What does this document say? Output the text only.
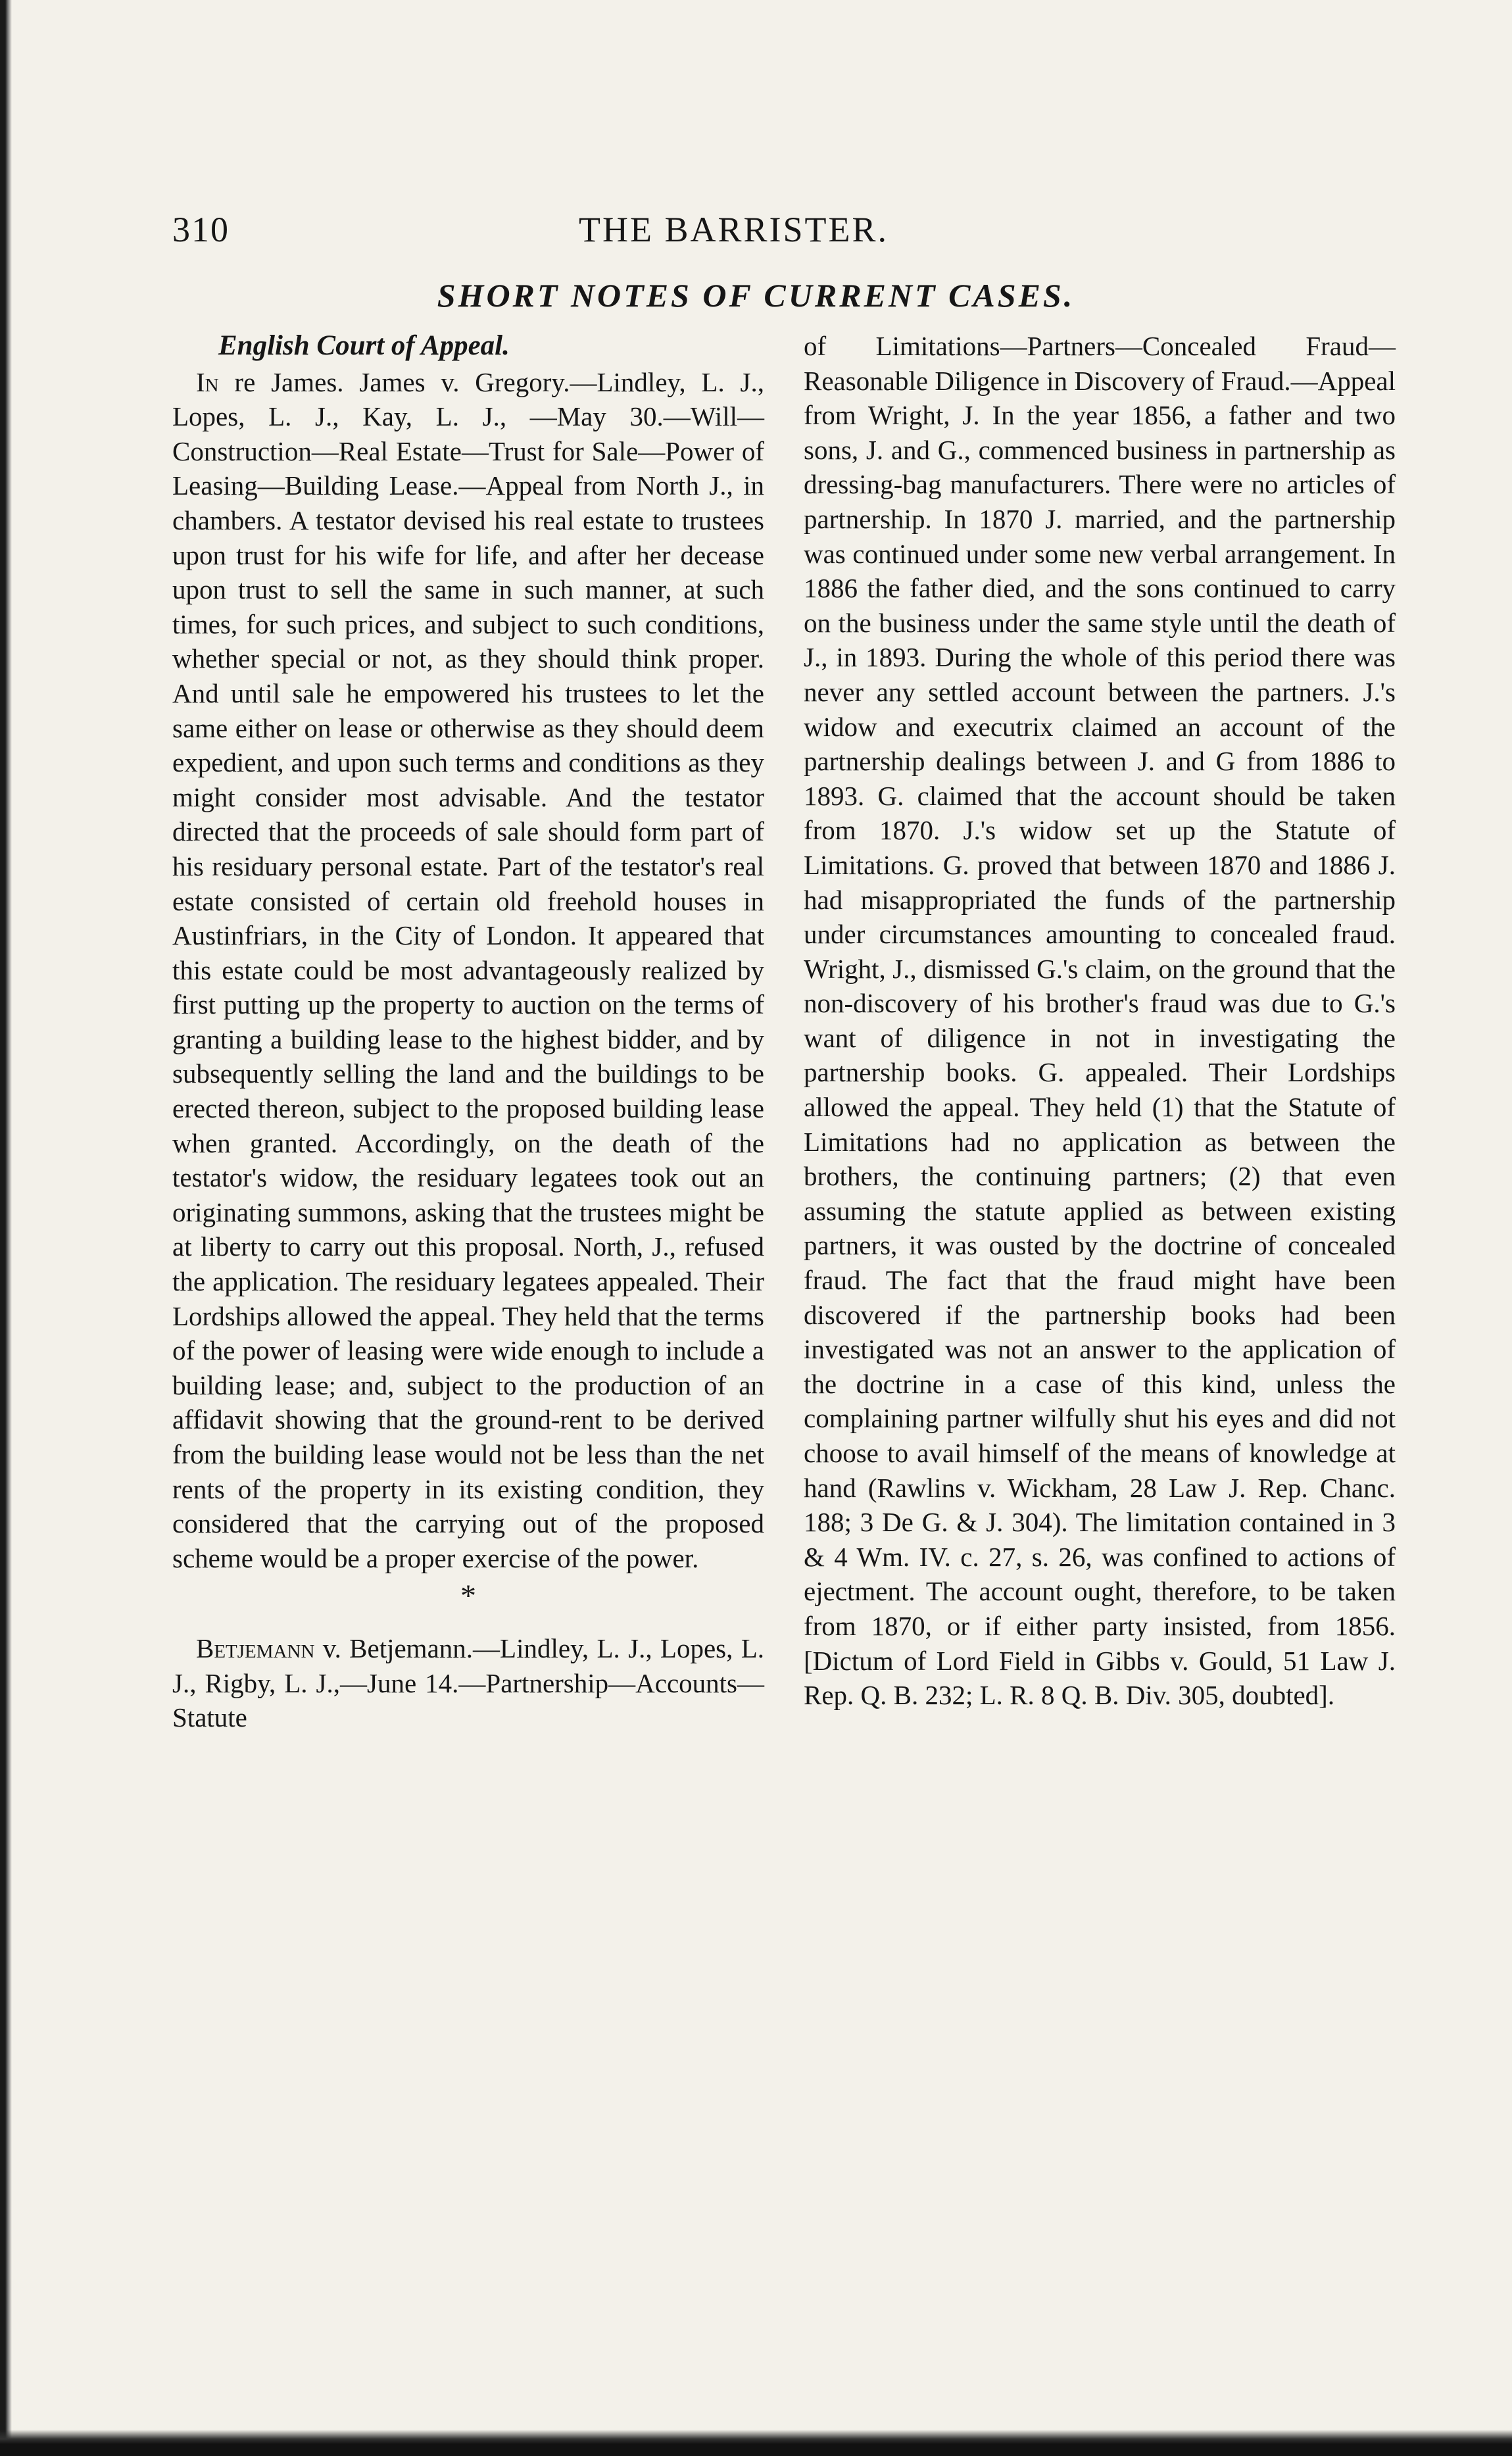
310	THE BARRISTER.
SHORT NOTES OF CURRENT CASES.
English Court of Appeal.

In re James. James v. Gregory.—Lindley, L. J., Lopes, L. J., Kay, L. J., —May 30.—Will—Construction—Real Estate—Trust for Sale—Power of Leasing—Building Lease.—Appeal from North J., in chambers. A testator devised his real estate to trustees upon trust for his wife for life, and after her decease upon trust to sell the same in such manner, at such times, for such prices, and subject to such conditions, whether special or not, as they should think proper. And until sale he empowered his trustees to let the same either on lease or otherwise as they should deem expedient, and upon such terms and conditions as they might consider most advisable. And the testator directed that the proceeds of sale should form part of his residuary personal estate. Part of the testator's real estate consisted of certain old freehold houses in Austinfriars, in the City of London. It appeared that this estate could be most advantageously realized by first putting up the property to auction on the terms of granting a building lease to the highest bidder, and by subsequently selling the land and the buildings to be erected thereon, subject to the proposed building lease when granted. Accordingly, on the death of the testator's widow, the residuary legatees took out an originating summons, asking that the trustees might be at liberty to carry out this proposal. North, J., refused the application. The residuary legatees appealed. Their Lordships allowed the appeal. They held that the terms of the power of leasing were wide enough to include a building lease; and, subject to the production of an affidavit showing that the ground-rent to be derived from the building lease would not be less than the net rents of the property in its existing condition, they considered that the carrying out of the proposed scheme would be a proper exercise of the power.

*

Betjemann v. Betjemann.—Lindley, L. J., Lopes, L. J., Rigby, L. J.,—June 14.—Partnership—Accounts—Statute

of Limitations—Partners—Concealed Fraud—Reasonable Diligence in Discovery of Fraud.—Appeal from Wright, J. In the year 1856, a father and two sons, J. and G., commenced business in partnership as dressing-bag manufacturers. There were no articles of partnership. In 1870 J. married, and the partnership was continued under some new verbal arrangement. In 1886 the father died, and the sons continued to carry on the business under the same style until the death of J., in 1893. During the whole of this period there was never any settled account between the partners. J.'s widow and executrix claimed an account of the partnership dealings between J. and G from 1886 to 1893. G. claimed that the account should be taken from 1870. J.'s widow set up the Statute of Limitations. G. proved that between 1870 and 1886 J. had misappropriated the funds of the partnership under circumstances amounting to concealed fraud. Wright, J., dismissed G.'s claim, on the ground that the non-discovery of his brother's fraud was due to G.'s want of diligence in not in investigating the partnership books. G. appealed. Their Lordships allowed the appeal. They held (1) that the Statute of Limitations had no application as between the brothers, the continuing partners; (2) that even assuming the statute applied as between existing partners, it was ousted by the doctrine of concealed fraud. The fact that the fraud might have been discovered if the partnership books had been investigated was not an answer to the application of the doctrine in a case of this kind, unless the complaining partner wilfully shut his eyes and did not choose to avail himself of the means of knowledge at hand (Rawlins v. Wickham, 28 Law J. Rep. Chanc. 188; 3 De G. & J. 304). The limitation contained in 3 & 4 Wm. IV. c. 27, s. 26, was confined to actions of ejectment. The account ought, therefore, to be taken from 1870, or if either party insisted, from 1856. [Dictum of Lord Field in Gibbs v. Gould, 51 Law J. Rep. Q. B. 232; L. R. 8 Q. B. Div. 305, doubted].
